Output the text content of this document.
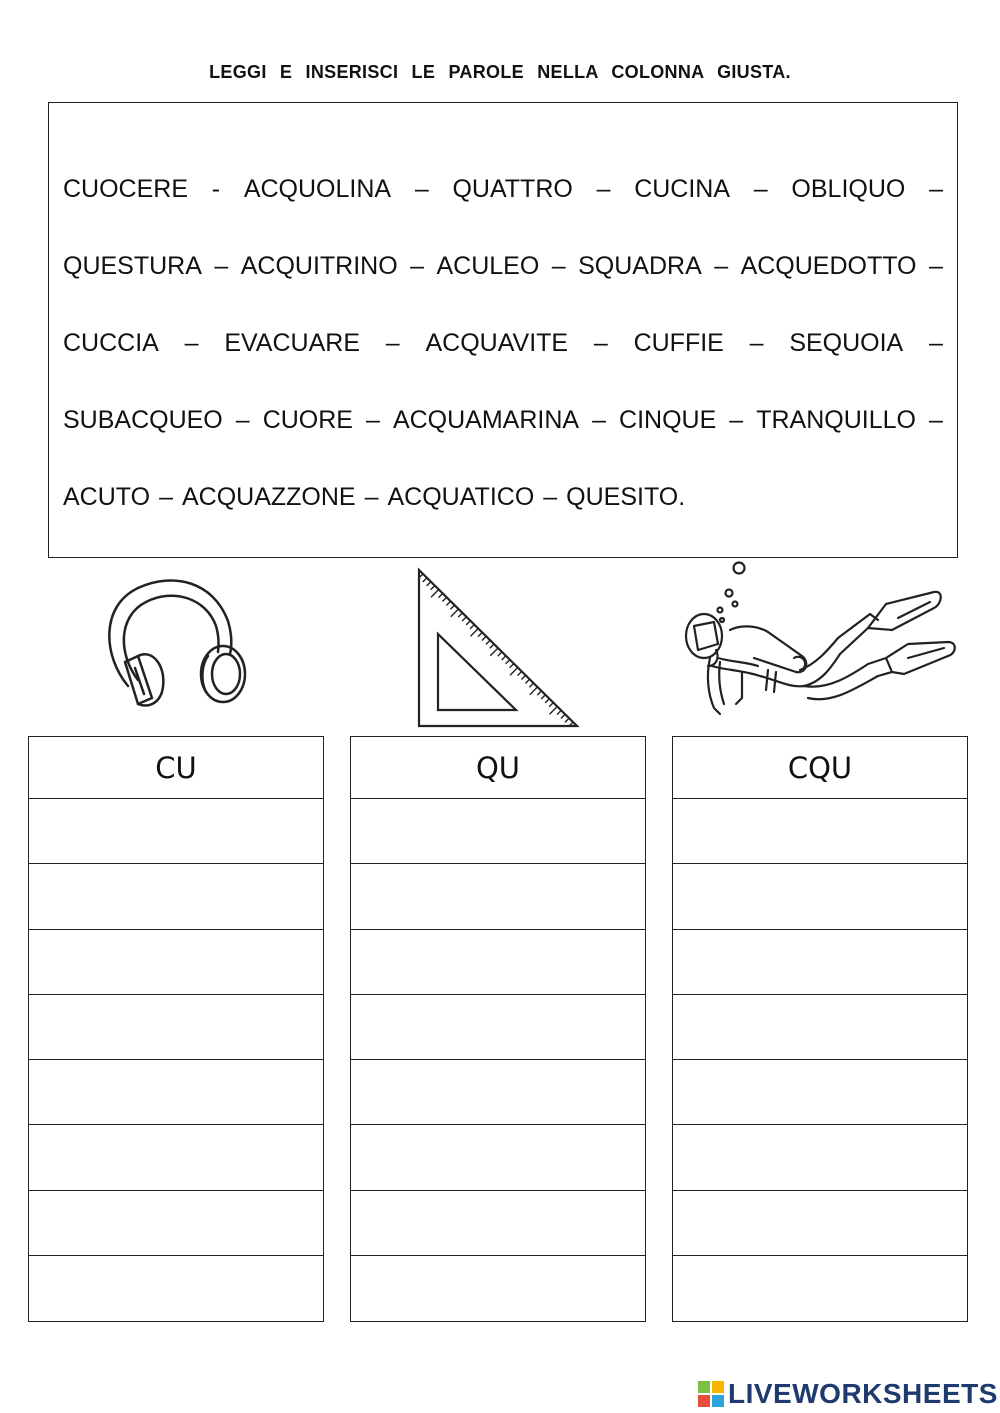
LEGGI E INSERISCI LE PAROLE NELLA COLONNA GIUSTA.
CUOCERE - ACQUOLINA – QUATTRO – CUCINA – OBLIQUO –
QUESTURA – ACQUITRINO – ACULEO – SQUADRA – ACQUEDOTTO –
CUCCIA – EVACUARE – ACQUAVITE – CUFFIE – SEQUOIA –
SUBACQUEO – CUORE – ACQUAMARINA – CINQUE – TRANQUILLO –
ACUTO – ACQUAZZONE – ACQUATICO – QUESITO.
CU	QU	CQU
LIVEWORKSHEETS
